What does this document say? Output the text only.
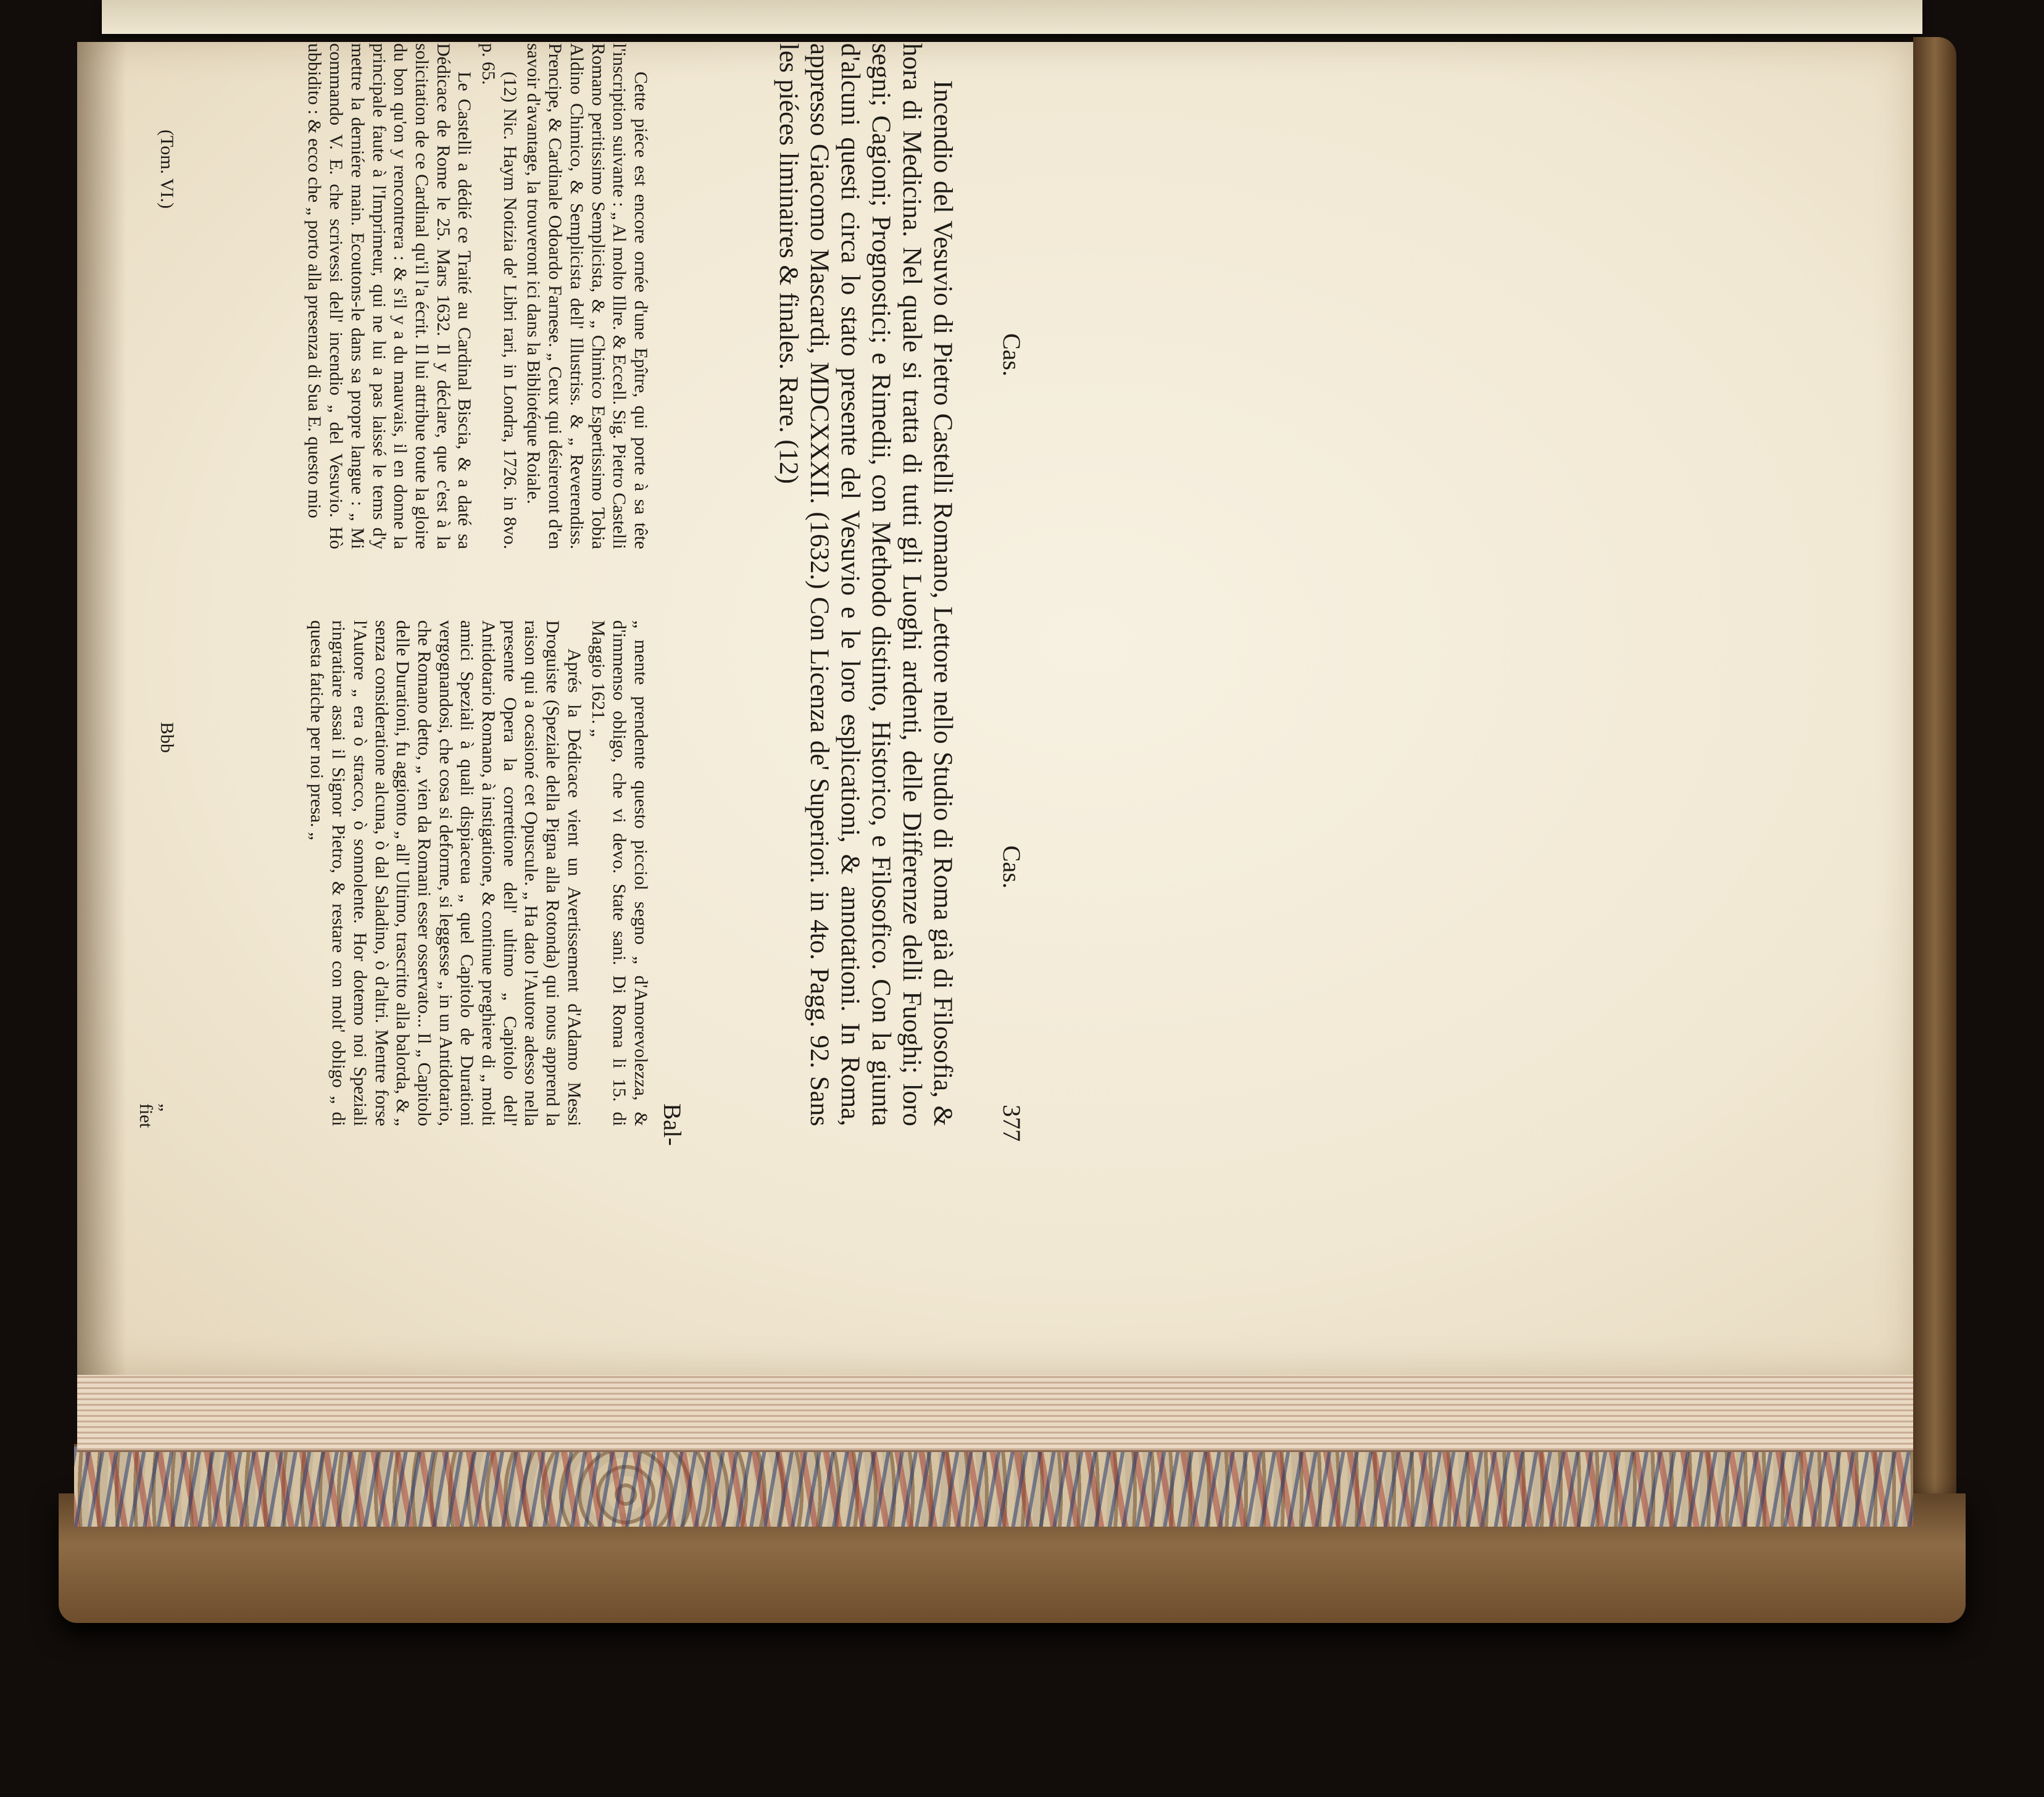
Cas.
Cas.
377

Incendio del Vesuvio di Pietro Castelli Romano, Lettore nello Studio di Roma già di Filosofia, & hora di Medicina. Nel quale si tratta di tutti gli Luoghi ardenti, delle Differenze delli Fuoghi; loro segni; Cagioni; Prognostici; e Rimedii, con Methodo distinto, Historico, e Filosofico. Con la giunta d'alcuni questi circa lo stato presente del Vesuvio e le loro esplicationi, & annotationi. In Roma, appresso Giacomo Mascardi, MDCXXXII. (1632.) Con Licenza de' Superiori. in 4to. Pagg. 92. Sans les piéces liminaires & finales. Rare. (12)

Bal-

Cette piéce est encore ornée d'une Epître, qui porte à sa tête l'inscription suivante : „ Al molto Illre. & Eccell. Sig. Pietro Castelli Romano peritissimo Semplicista, & „ Chimico Espertissimo Tobia Aldino Chimico, & Semplicista dell' Illustriss. & „ Reverendiss. Prencipe, & Cardinale Odoardo Farnese. „ Ceux qui désireront d'en savoir d'avantage, la trouveront ici dans la Bibliotéque Roiale.

(12) Nic. Haym Notizia de' Libri rari, in Londra, 1726. in 8vo. p. 65.

Le Castelli a dédié ce Traité au Cardinal Biscia, & a daté sa Dédicace de Rome le 25. Mars 1632. Il y déclare, que c'est à la solicitation de ce Cardinal qu'il l'a écrit. Il lui attribue toute la gloire du bon qu'on y rencontrera : & s'il y a du mauvais, il en donne la principale faute à l'Imprimeur, qui ne lui a pas laissé le tems d'y mettre la derniére main. Ecoutons-le dans sa propre langue : „ Mi commando V. E. che scrivessi dell' incendio „ del Vesuvio. Hò ubbidito : & ecco che „ porto alla presenza di Sua E. questo mio

„ mente prendente questo picciol segno „ d'Amorevolezza, & d'immenso obligo, che vi devo. State sani. Di Roma li 15. di Maggio 1621. „

Aprés la Dédicace vient un Avertissement d'Adamo Messi Droguiste (Speziale della Pigna alla Rotonda) qui nous apprend la raison qui a ocasioné cet Opuscule. „ Ha dato l'Autore adesso nella presente Opera la correttione dell' ultimo „ Capitolo dell' Antidotario Romano, à instigatione, & continue preghiere di „ molti amici Speziali à quali dispiaceua „ quel Capitolo de Durationi vergognandosi, che cosa si deforme, si leggesse „ in un Antidotario, che Romano detto, „ vien da Romani esser osservato... Il „ Capitolo delle Durationi, fu aggionto „ all' Ultimo, trascritto alla balorda, & „ senza consideratione alcuna, ò dal Saladino, ò d'altri. Mentre forse l'Autore „ era ò stracco, ò sonnolente. Hor dotemo noi Speziali ringratiare assai il Signor Pietro, & restare con molt' obligo „ di questa fatiche per noi presa. „

(Tom. VI.)
Bbb
„ fiet
